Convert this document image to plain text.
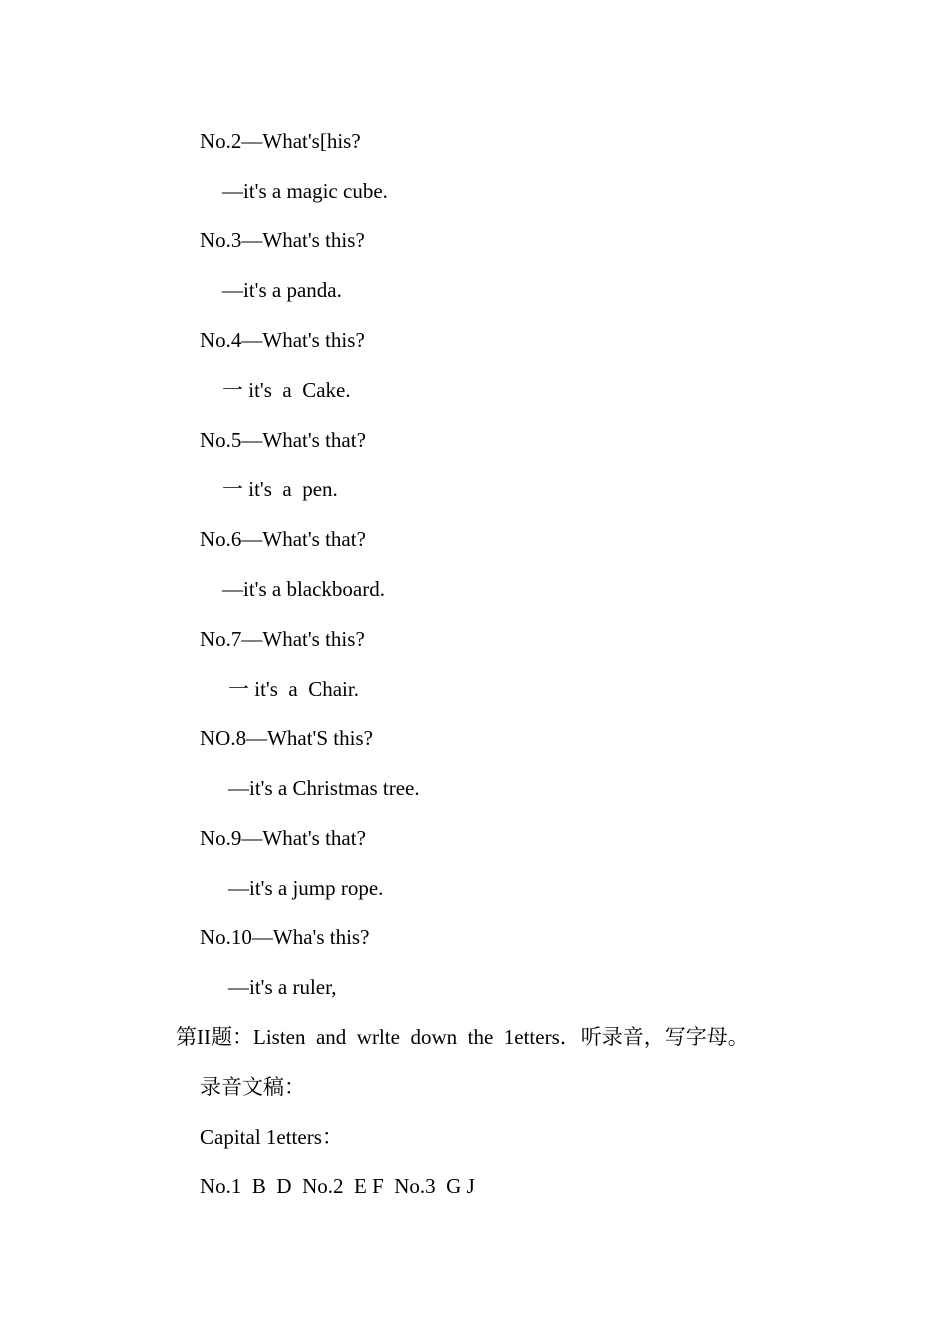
No.2—What's[his?
—it's a magic cube.
No.3—What's this?
—it's a panda.
No.4—What's this?
一 it's  a  Cake.
No.5—What's that?
一 it's  a  pen.
No.6—What's that?
—it's a blackboard.
No.7—What's this?
一 it's  a  Chair.
NO.8—What'S this?
—it's a Christmas tree.
No.9—What's that?
—it's a jump rope.
No.10—Wha's this?
—it's a ruler,
第II题：Listen  and  wrlte  down  the  1etters．听录音，写字母。
录音文稿：
Capital 1etters：
No.1  B  D  No.2  E F  No.3  G J
